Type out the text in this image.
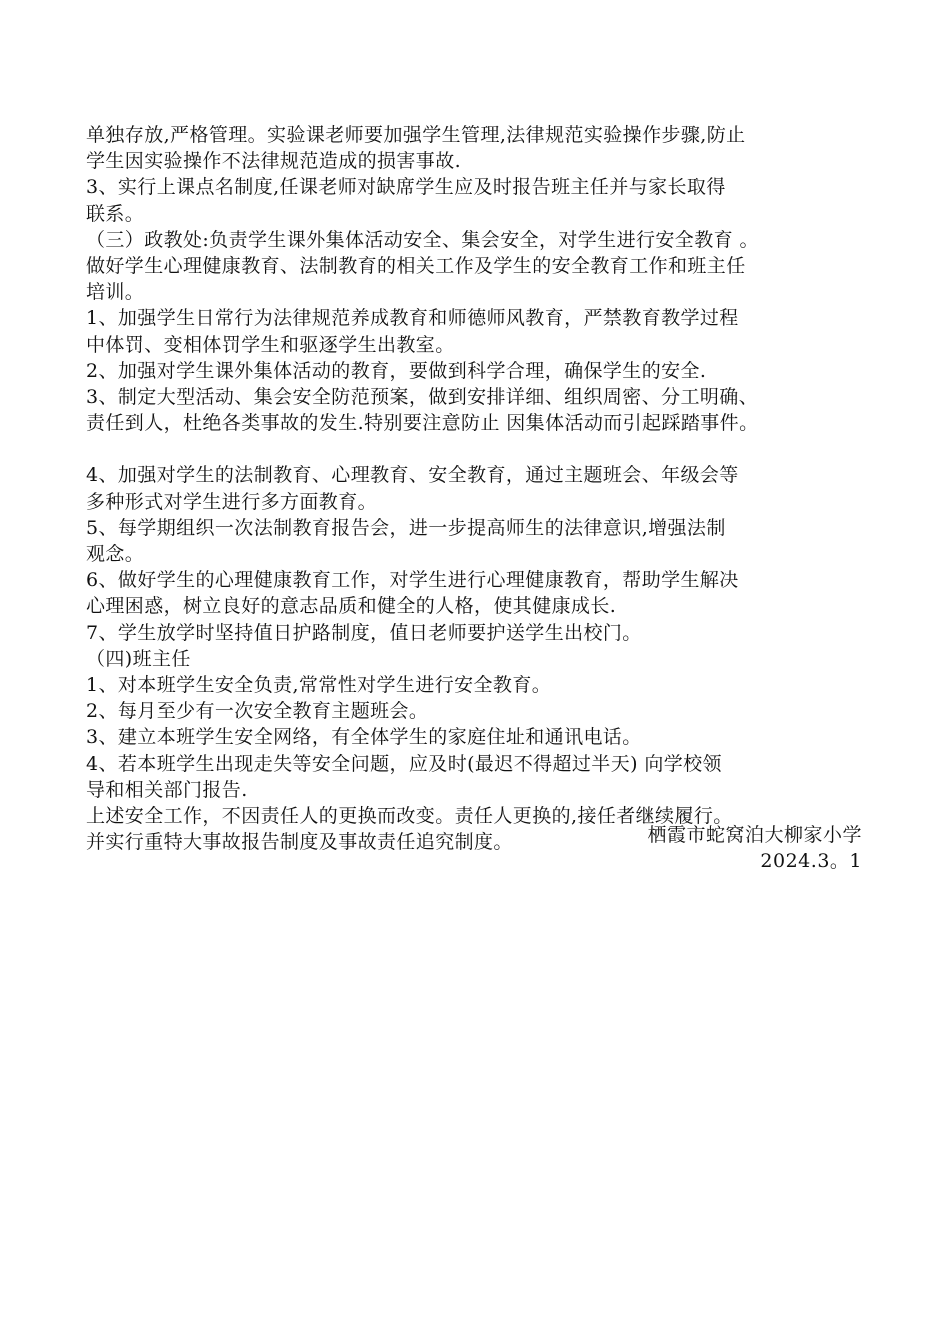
单独存放,严格管理。实验课老师要加强学生管理,法律规范实验操作步骤,防止
学生因实验操作不法律规范造成的损害事故.
3、实行上课点名制度,任课老师对缺席学生应及时报告班主任并与家长取得
联系。
（三）政教处:负责学生课外集体活动安全、集会安全，对学生进行安全教育 。
做好学生心理健康教育、法制教育的相关工作及学生的安全教育工作和班主任
培训。
1、加强学生日常行为法律规范养成教育和师德师风教育，严禁教育教学过程
中体罚、变相体罚学生和驱逐学生出教室。
2、加强对学生课外集体活动的教育，要做到科学合理，确保学生的安全.
3、制定大型活动、集会安全防范预案，做到安排详细、组织周密、分工明确、
责任到人，杜绝各类事故的发生.特别要注意防止 因集体活动而引起踩踏事件。
4、加强对学生的法制教育、心理教育、安全教育，通过主题班会、年级会等
多种形式对学生进行多方面教育。
5、每学期组织一次法制教育报告会，进一步提高师生的法律意识,增强法制
观念。
6、做好学生的心理健康教育工作，对学生进行心理健康教育，帮助学生解决
心理困惑，树立良好的意志品质和健全的人格，使其健康成长.
7、学生放学时坚持值日护路制度，值日老师要护送学生出校门。
（四)班主任
1、对本班学生安全负责,常常性对学生进行安全教育。
2、每月至少有一次安全教育主题班会。
3、建立本班学生安全网络，有全体学生的家庭住址和通讯电话。
4、若本班学生出现走失等安全问题，应及时(最迟不得超过半天) 向学校领
导和相关部门报告.
上述安全工作，不因责任人的更换而改变。责任人更换的,接任者继续履行。
并实行重特大事故报告制度及事故责任追究制度。	栖霞市蛇窝泊大柳家小学
2024.3。1
